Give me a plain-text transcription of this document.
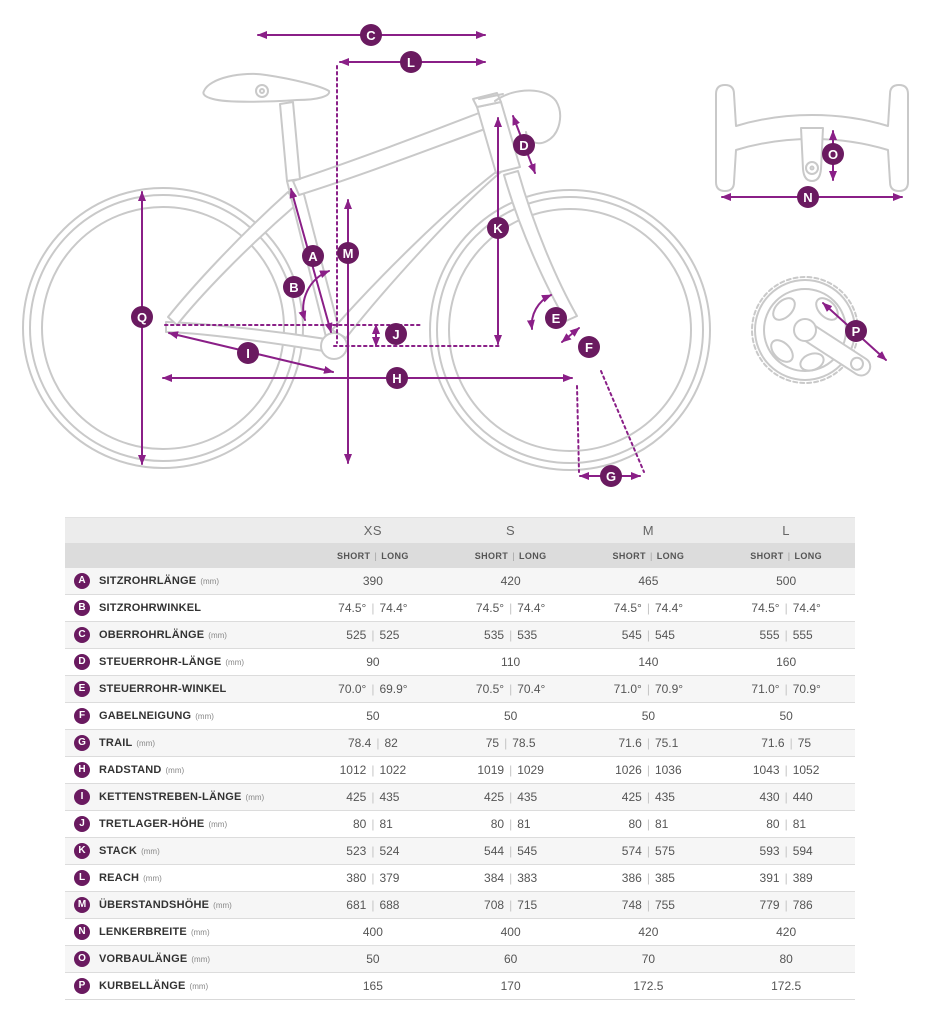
A
B
C
D
E
F
G
H
I
J
K
L
M
N
O
P
Q
XS	S	M	L
SHORT | LONG	SHORT | LONG	SHORT | LONG	SHORT | LONG
A	SITZROHRLÄNGE (mm)	390	420	465	500
B	SITZROHRWINKEL	74.5° | 74.4°	74.5° | 74.4°	74.5° | 74.4°	74.5° | 74.4°
C	OBERROHRLÄNGE (mm)	525 | 525	535 | 535	545 | 545	555 | 555
D	STEUERROHR-LÄNGE (mm)	90	110	140	160
E	STEUERROHR-WINKEL	70.0° | 69.9°	70.5° | 70.4°	71.0° | 70.9°	71.0° | 70.9°
F	GABELNEIGUNG (mm)	50	50	50	50
G	TRAIL (mm)	78.4 | 82	75 | 78.5	71.6 | 75.1	71.6 | 75
H	RADSTAND (mm)	1012 | 1022	1019 | 1029	1026 | 1036	1043 | 1052
I	KETTENSTREBEN-LÄNGE (mm)	425 | 435	425 | 435	425 | 435	430 | 440
J	TRETLAGER-HÖHE (mm)	80 | 81	80 | 81	80 | 81	80 | 81
K	STACK (mm)	523 | 524	544 | 545	574 | 575	593 | 594
L	REACH (mm)	380 | 379	384 | 383	386 | 385	391 | 389
M	ÜBERSTANDSHÖHE (mm)	681 | 688	708 | 715	748 | 755	779 | 786
N	LENKERBREITE (mm)	400	400	420	420
O	VORBAULÄNGE (mm)	50	60	70	80
P	KURBELLÄNGE (mm)	165	170	172.5	172.5
